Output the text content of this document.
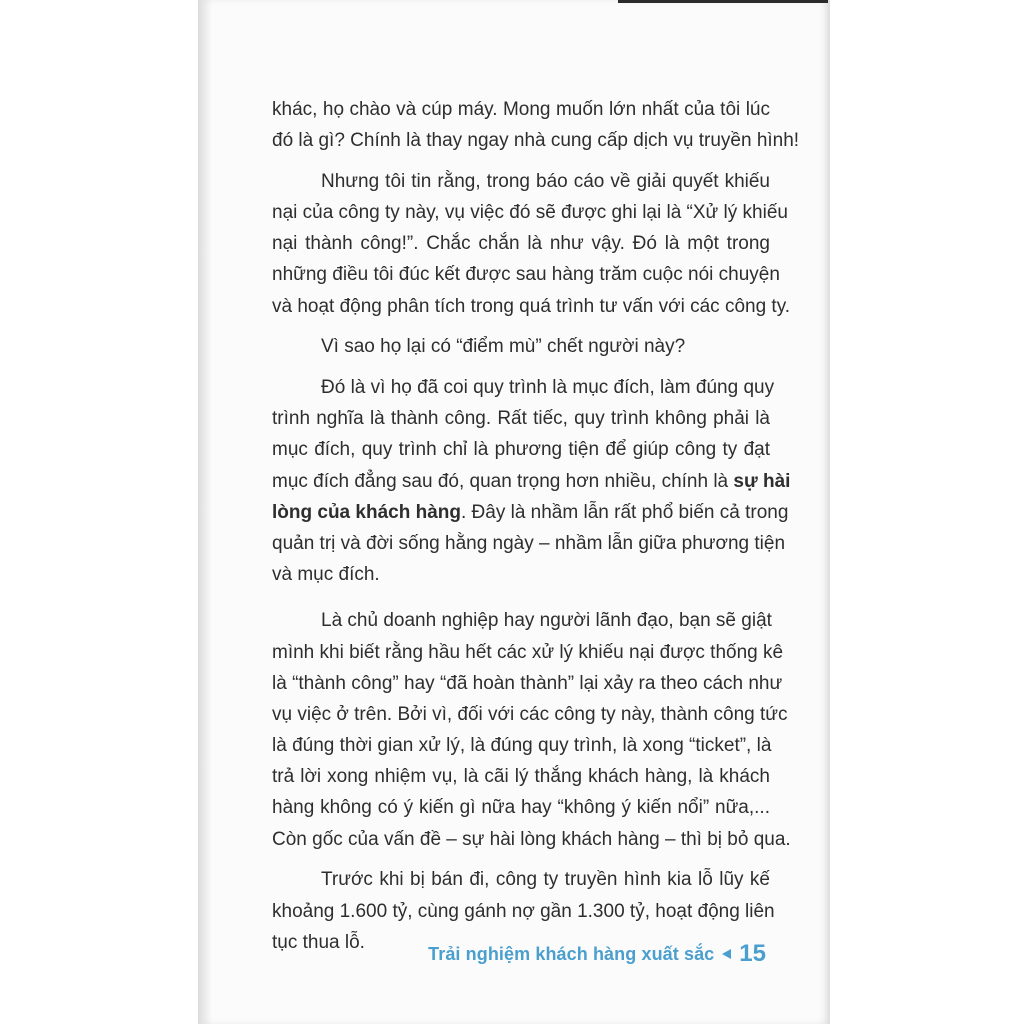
khác, họ chào và cúp máy. Mong muốn lớn nhất của tôi lúc
đó là gì? Chính là thay ngay nhà cung cấp dịch vụ truyền hình!
Nhưng tôi tin rằng, trong báo cáo về giải quyết khiếu
nại của công ty này, vụ việc đó sẽ được ghi lại là “Xử lý khiếu
nại thành công!”. Chắc chắn là như vậy. Đó là một trong
những điều tôi đúc kết được sau hàng trăm cuộc nói chuyện
và hoạt động phân tích trong quá trình tư vấn với các công ty.
Vì sao họ lại có “điểm mù” chết người này?
Đó là vì họ đã coi quy trình là mục đích, làm đúng quy
trình nghĩa là thành công. Rất tiếc, quy trình không phải là
mục đích, quy trình chỉ là phương tiện để giúp công ty đạt
mục đích đẳng sau đó, quan trọng hơn nhiều, chính là sự hài
lòng của khách hàng. Đây là nhầm lẫn rất phổ biến cả trong
quản trị và đời sống hằng ngày – nhầm lẫn giữa phương tiện
và mục đích.
Là chủ doanh nghiệp hay người lãnh đạo, bạn sẽ giật
mình khi biết rằng hầu hết các xử lý khiếu nại được thống kê
là “thành công” hay “đã hoàn thành” lại xảy ra theo cách như
vụ việc ở trên. Bởi vì, đối với các công ty này, thành công tức
là đúng thời gian xử lý, là đúng quy trình, là xong “ticket”, là
trả lời xong nhiệm vụ, là cãi lý thắng khách hàng, là khách
hàng không có ý kiến gì nữa hay “không ý kiến nổi” nữa,...
Còn gốc của vấn đề – sự hài lòng khách hàng – thì bị bỏ qua.
Trước khi bị bán đi, công ty truyền hình kia lỗ lũy kế
khoảng 1.600 tỷ, cùng gánh nợ gần 1.300 tỷ, hoạt động liên
tục thua lỗ.
Trải nghiệm khách hàng xuất sắc 15
